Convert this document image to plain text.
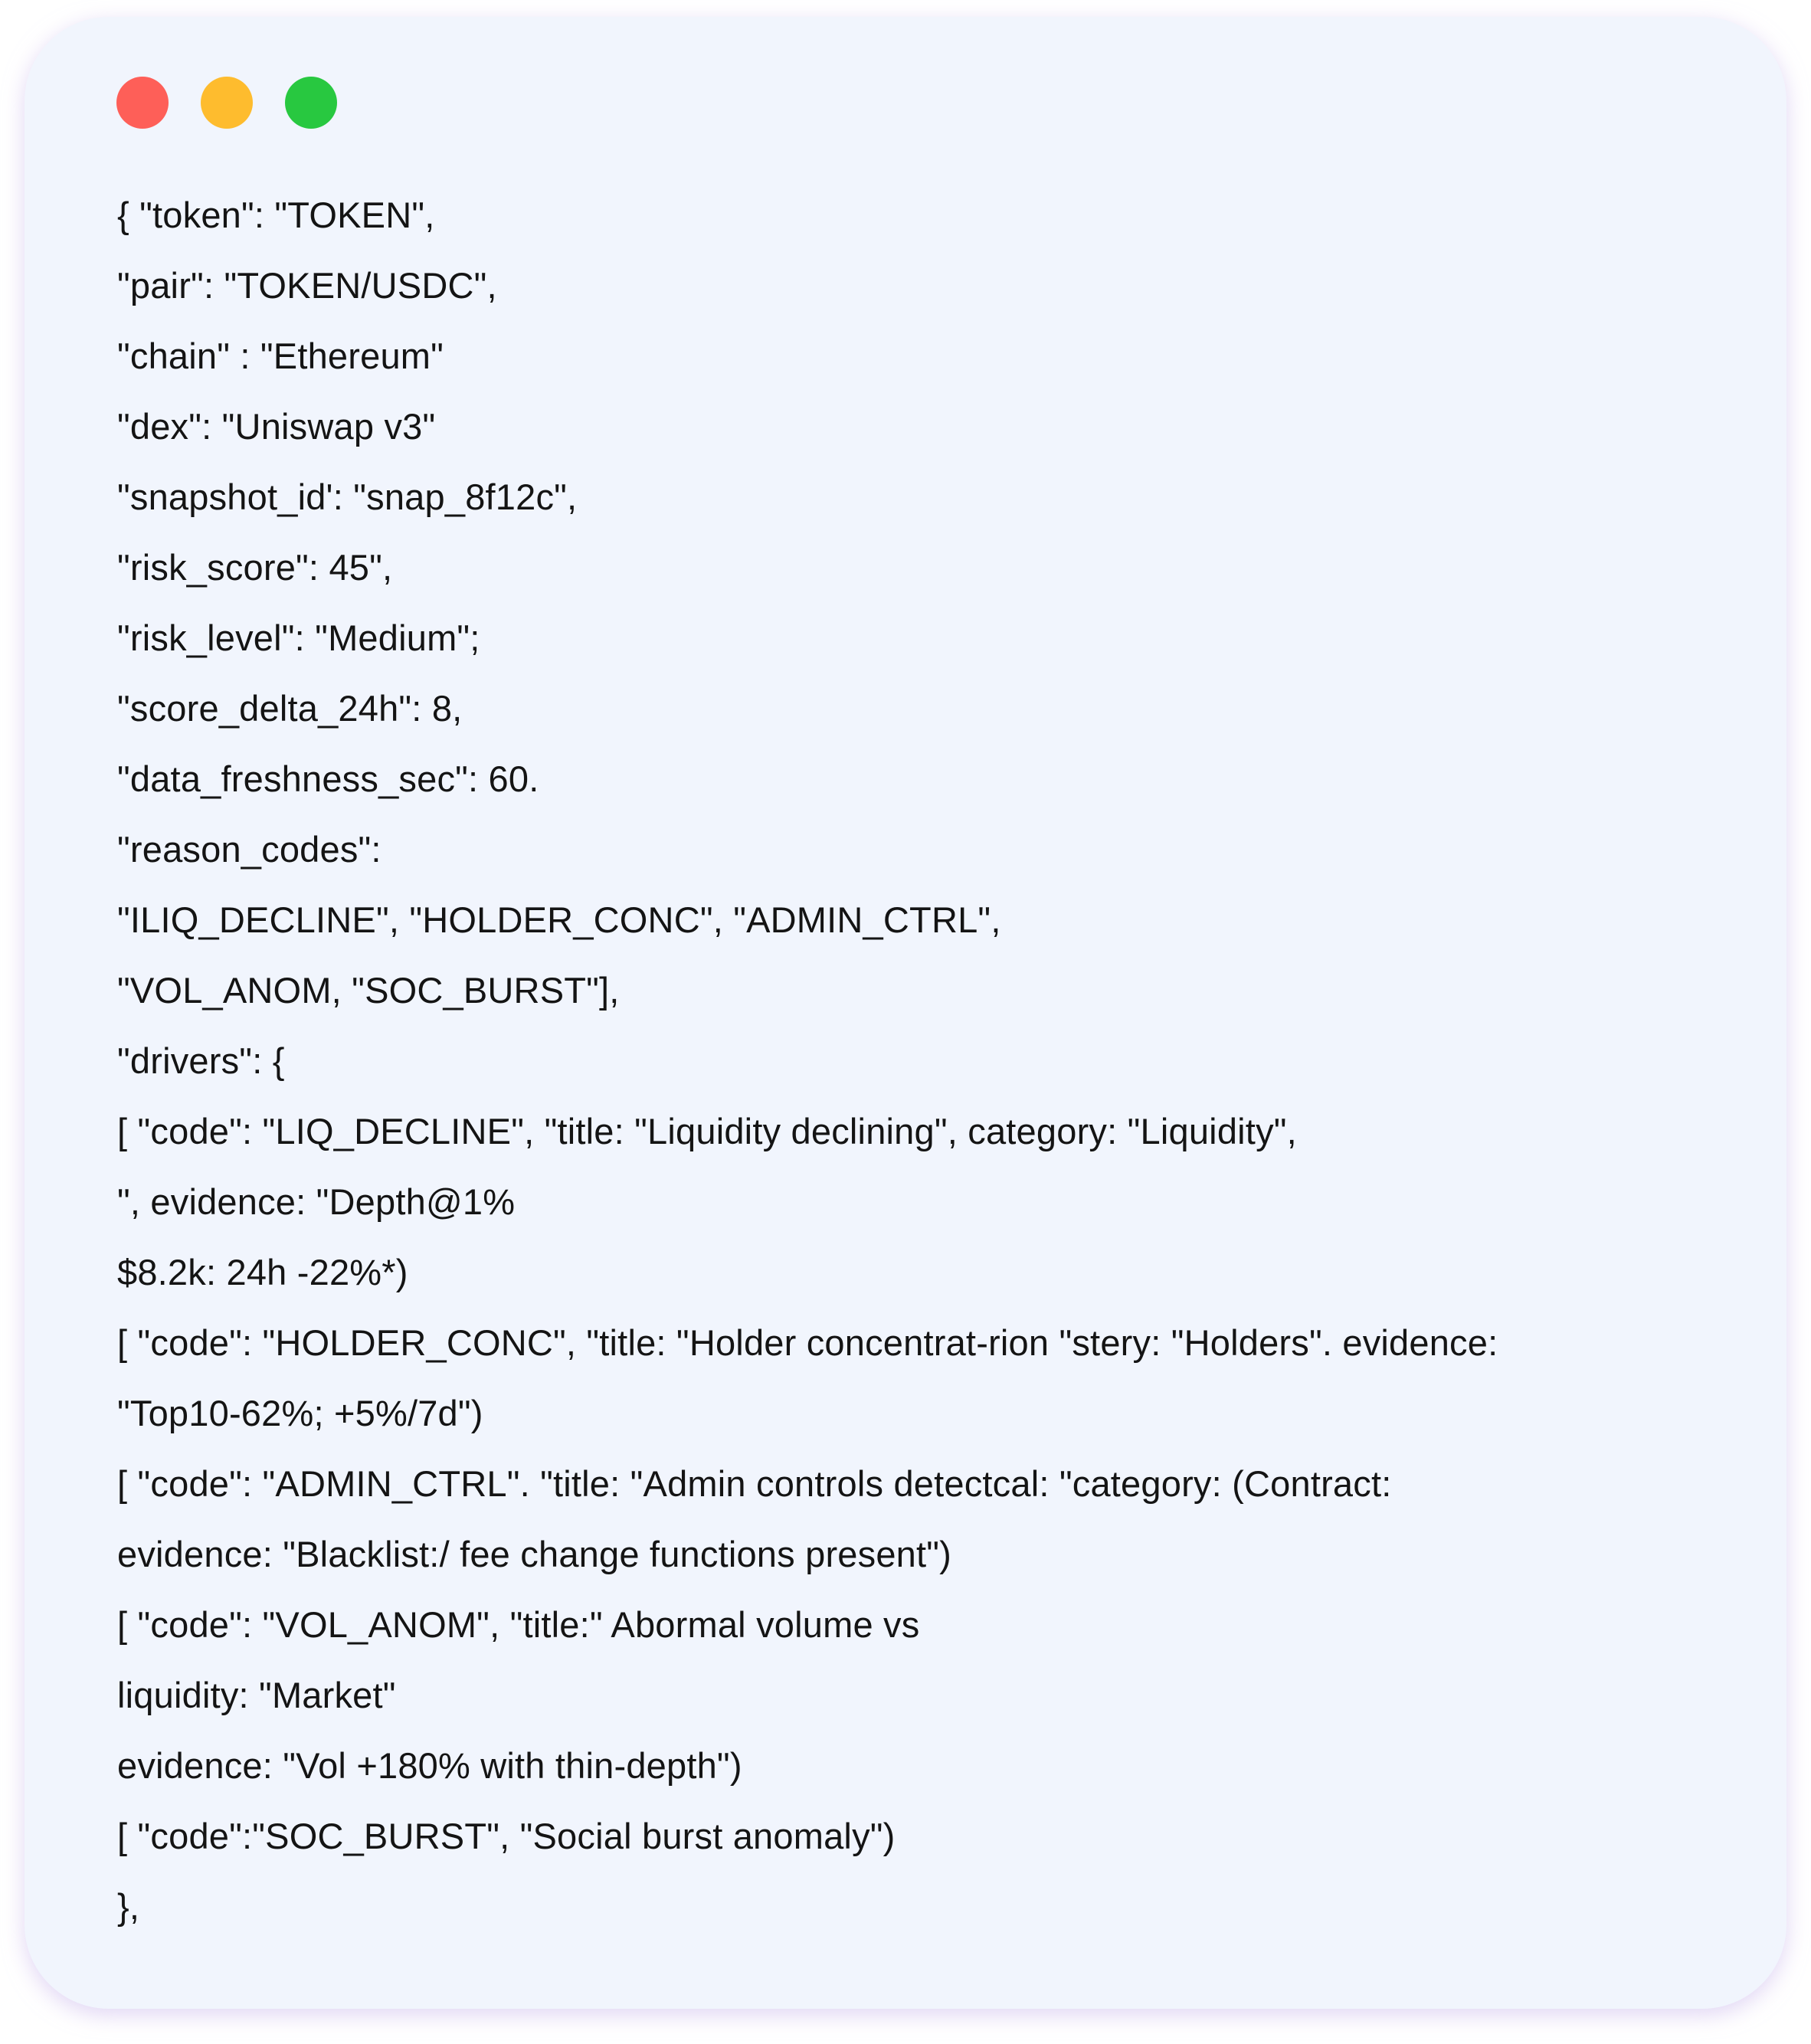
{ "token": "TOKEN",
"pair": "TOKEN/USDC",
"chain" : "Ethereum"
"dex": "Uniswap v3"
"snapshot_id': "snap_8f12c",
"risk_score": 45",
"risk_level": "Medium";
"score_delta_24h": 8,
"data_freshness_sec": 60.
"reason_codes":
"ILIQ_DECLINE", "HOLDER_CONC", "ADMIN_CTRL",
"VOL_ANOM, "SOC_BURST"],
"drivers": {
[ "code": "LIQ_DECLINE", "title: "Liquidity declining", category: "Liquidity",
", evidence: "Depth@1%
$8.2k: 24h -22%*)
[ "code": "HOLDER_CONC", "title: "Holder concentrat-rion "stery: "Holders". evidence:
"Top10-62%; +5%/7d")
[ "code": "ADMIN_CTRL". "title: "Admin controls detectcal: "category: (Contract:
evidence: "Blacklist:/ fee change functions present")
[ "code": "VOL_ANOM", "title:" Abormal volume vs
liquidity: "Market"
evidence: "Vol +180% with thin-depth")
[ "code":"SOC_BURST", "Social burst anomaly")
},
